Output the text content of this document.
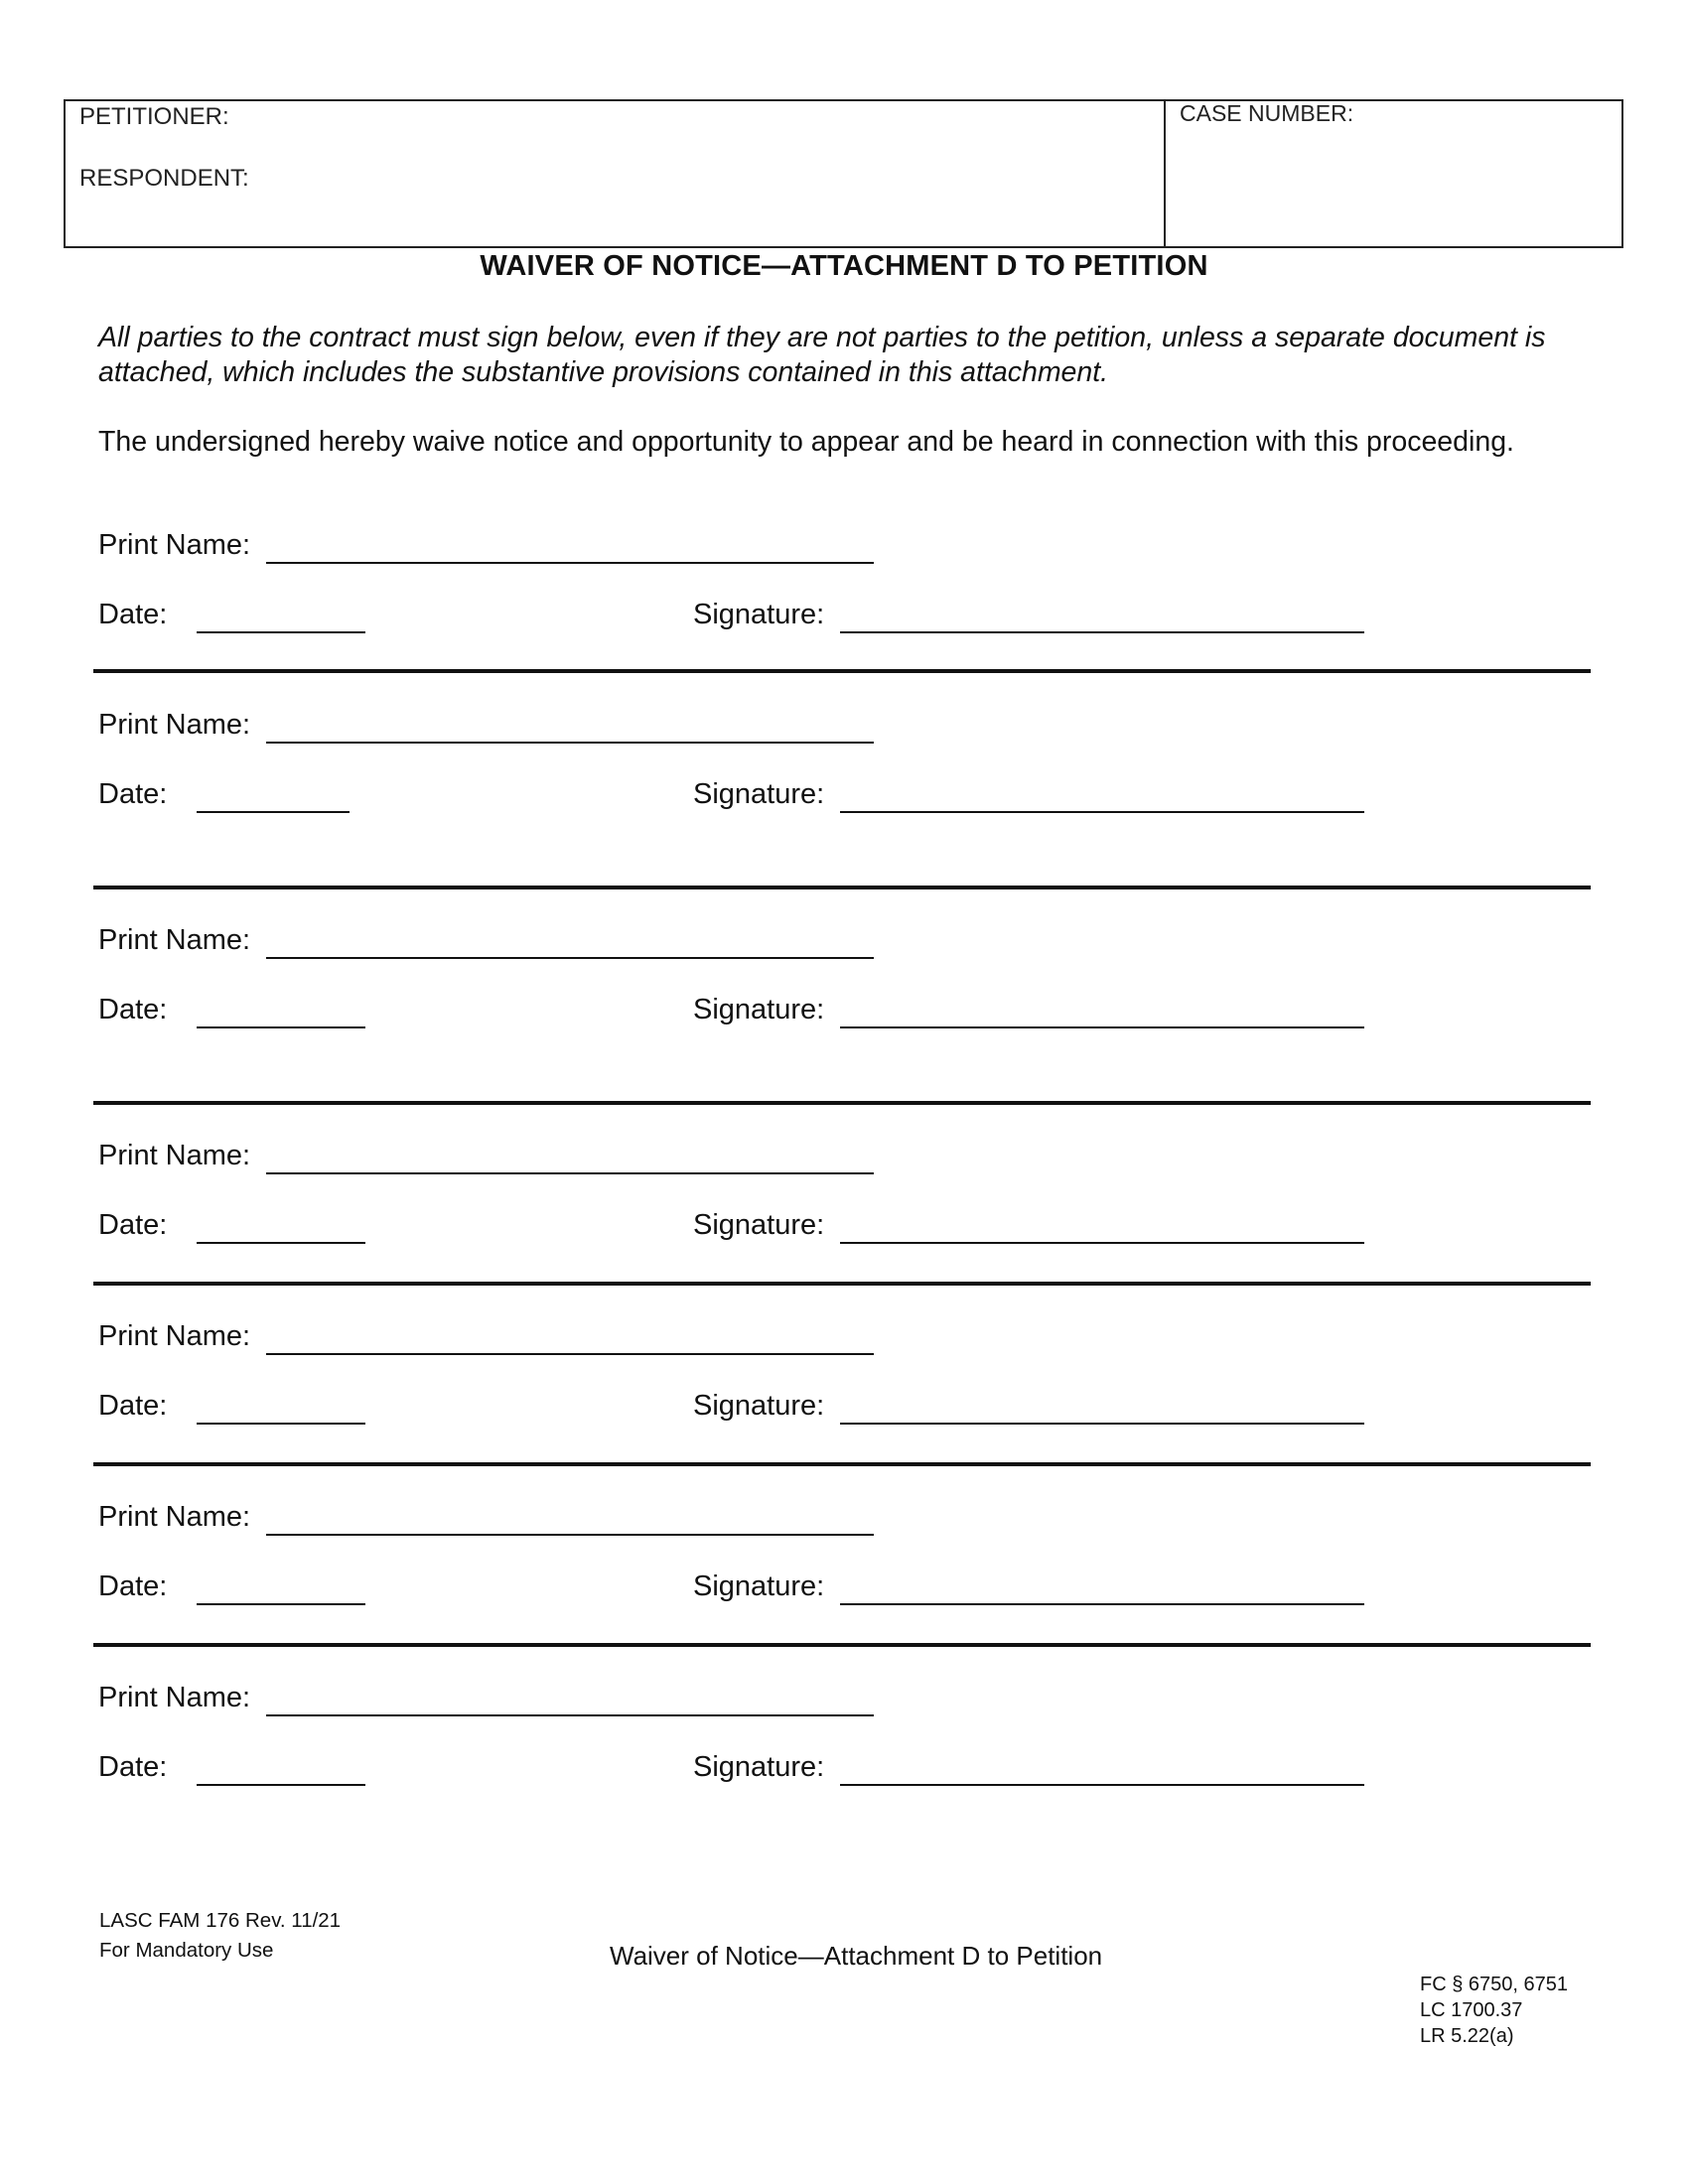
PETITIONER:
RESPONDENT:
CASE NUMBER:
WAIVER OF NOTICE—ATTACHMENT D TO PETITION
All parties to the contract must sign below, even if they are not parties to the petition, unless a separate document is attached, which includes the substantive provisions contained in this attachment.
The undersigned hereby waive notice and opportunity to appear and be heard in connection with this proceeding.
Print Name:
Date:	Signature:
Print Name:
Date:	Signature:
Print Name:
Date:	Signature:
Print Name:
Date:	Signature:
Print Name:
Date:	Signature:
Print Name:
Date:	Signature:
Print Name:
Date:	Signature:
LASC FAM 176 Rev. 11/21
For Mandatory Use	Waiver of Notice—Attachment D to Petition
FC § 6750, 6751
LC 1700.37
LR 5.22(a)
